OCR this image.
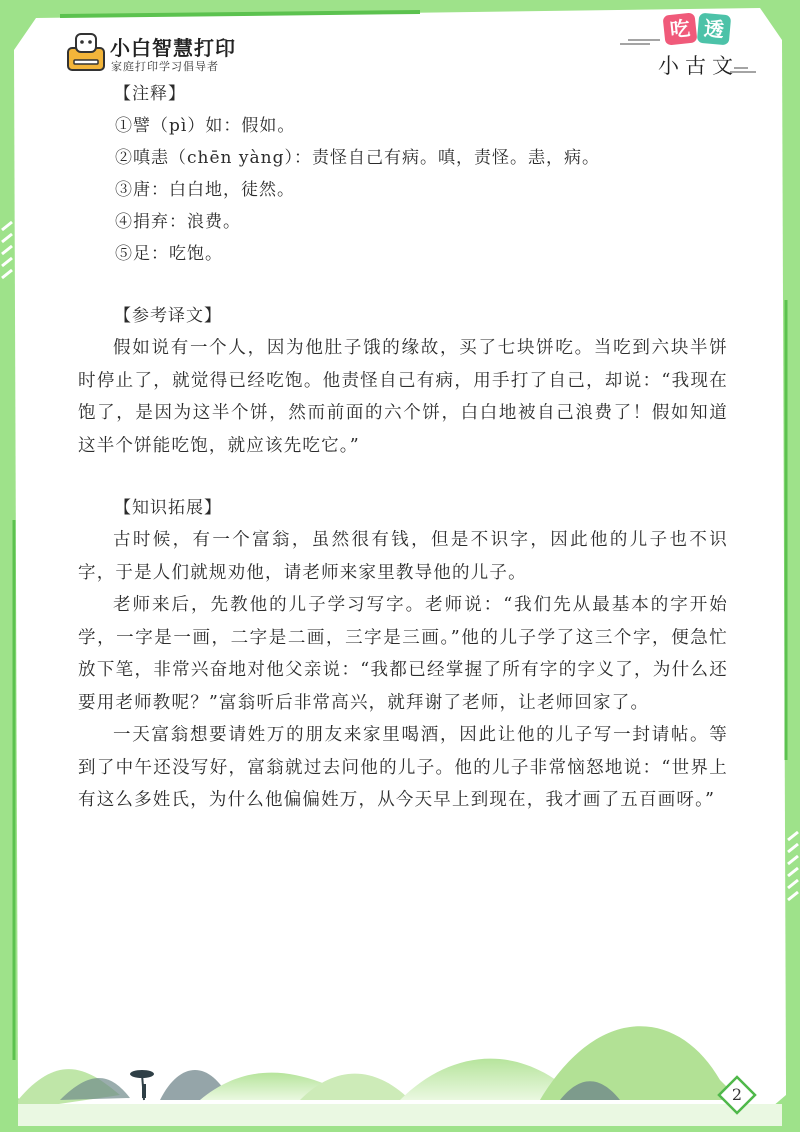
小白智慧打印
家庭打印学习倡导者
吃 透
小古文
【注释】
①譬（pì）如：假如。
②嗔恚（chēn yàng）：责怪自己有病。嗔，责怪。恚，病。
③唐：白白地，徒然。
④捐弃：浪费。
⑤足：吃饱。
【参考译文】

假如说有一个人，因为他肚子饿的缘故，买了七块饼吃。当吃到六块半饼时停止了，就觉得已经吃饱。他责怪自己有病，用手打了自己，却说：“我现在饱了，是因为这半个饼，然而前面的六个饼，白白地被自己浪费了！假如知道这半个饼能吃饱，就应该先吃它。”

【知识拓展】

古时候，有一个富翁，虽然很有钱，但是不识字，因此他的儿子也不识字，于是人们就规劝他，请老师来家里教导他的儿子。

老师来后，先教他的儿子学习写字。老师说：“我们先从最基本的字开始学，一字是一画，二字是二画，三字是三画。”他的儿子学了这三个字，便急忙放下笔，非常兴奋地对他父亲说：“我都已经掌握了所有字的字义了，为什么还要用老师教呢？”富翁听后非常高兴，就拜谢了老师，让老师回家了。

一天富翁想要请姓万的朋友来家里喝酒，因此让他的儿子写一封请帖。等到了中午还没写好，富翁就过去问他的儿子。他的儿子非常恼怒地说：“世界上有这么多姓氏，为什么他偏偏姓万，从今天早上到现在，我才画了五百画呀。”

2
